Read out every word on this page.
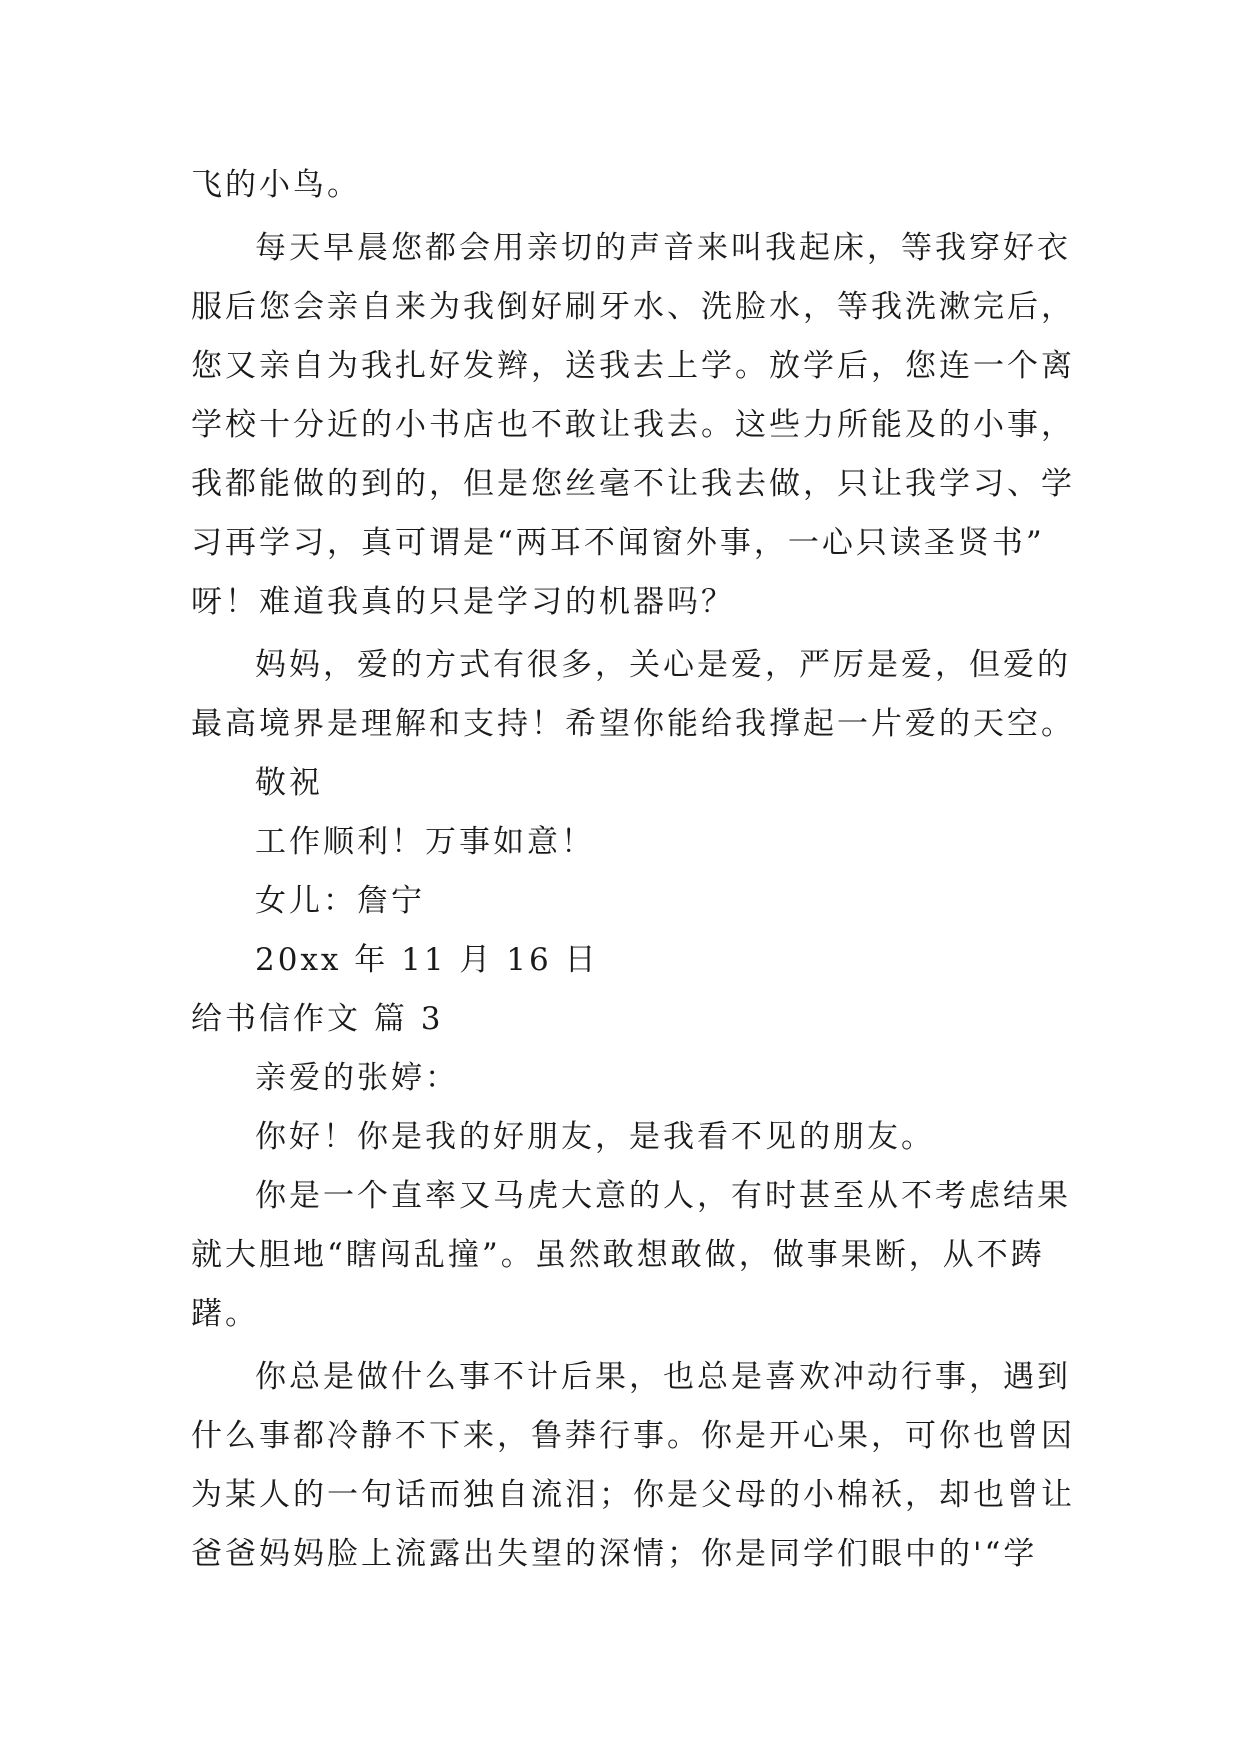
飞的小鸟。
每天早晨您都会用亲切的声音来叫我起床，等我穿好衣
服后您会亲自来为我倒好刷牙水、洗脸水，等我洗漱完后，
您又亲自为我扎好发辫，送我去上学。放学后，您连一个离
学校十分近的小书店也不敢让我去。这些力所能及的小事，
我都能做的到的，但是您丝毫不让我去做，只让我学习、学
习再学习，真可谓是“两耳不闻窗外事，一心只读圣贤书”
呀！难道我真的只是学习的机器吗？
妈妈，爱的方式有很多，关心是爱，严厉是爱，但爱的
最高境界是理解和支持！希望你能给我撑起一片爱的天空。
敬祝
工作顺利！万事如意！
女儿：詹宁
20xx 年 11 月 16 日
给书信作文 篇 3
亲爱的张婷：
你好！你是我的好朋友，是我看不见的朋友。
你是一个直率又马虎大意的人，有时甚至从不考虑结果
就大胆地“瞎闯乱撞”。虽然敢想敢做，做事果断，从不踌
躇。
你总是做什么事不计后果，也总是喜欢冲动行事，遇到
什么事都冷静不下来，鲁莽行事。你是开心果，可你也曾因
为某人的一句话而独自流泪；你是父母的小棉袄，却也曾让
爸爸妈妈脸上流露出失望的深情；你是同学们眼中的'“学
